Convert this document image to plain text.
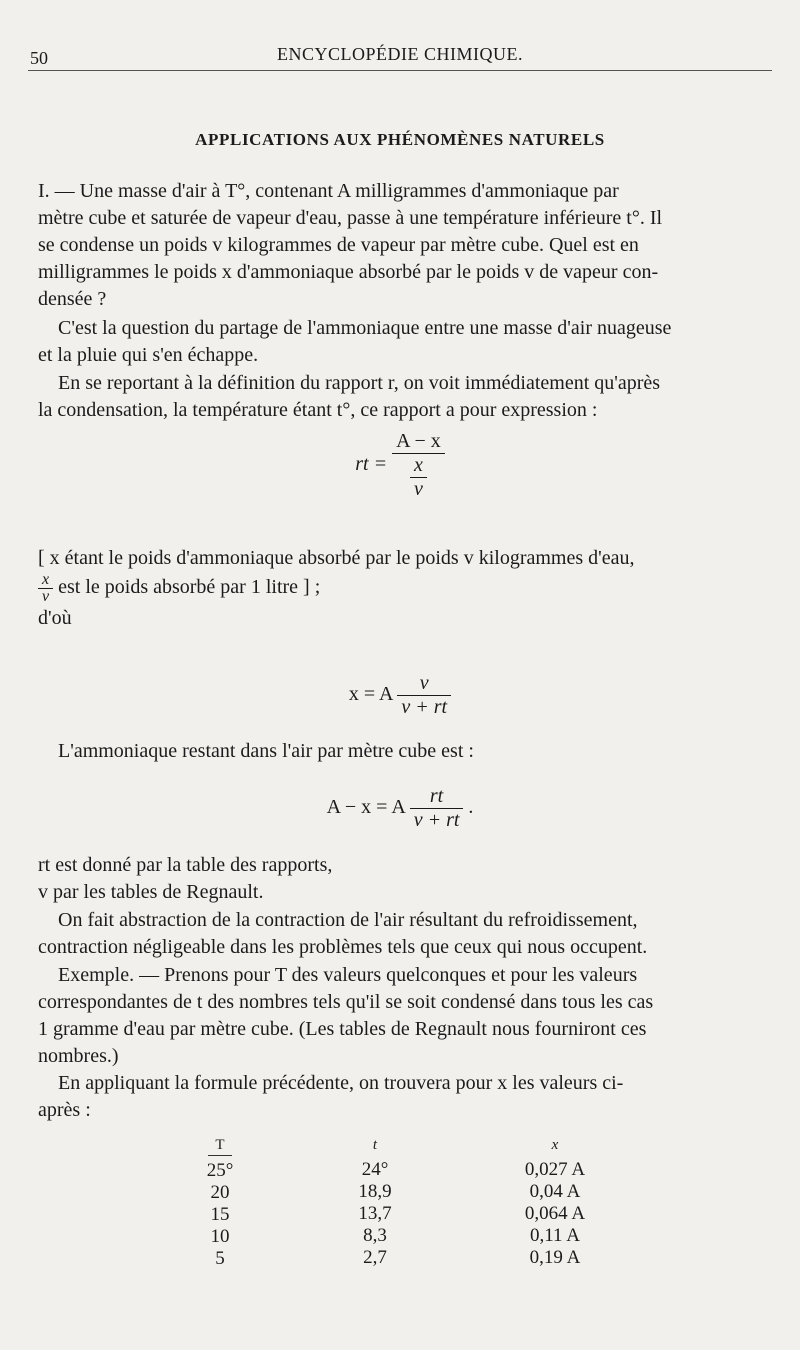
50	ENCYCLOPÉDIE CHIMIQUE.
APPLICATIONS AUX PHÉNOMÈNES NATURELS
I. — Une masse d'air à T°, contenant A milligrammes d'ammoniaque par
mètre cube et saturée de vapeur d'eau, passe à une température inférieure t°. Il
se condense un poids v kilogrammes de vapeur par mètre cube. Quel est en
milligrammes le poids x d'ammoniaque absorbé par le poids v de vapeur con-
densée ?
C'est la question du partage de l'ammoniaque entre une masse d'air nuageuse
et la pluie qui s'en échappe.
En se reportant à la définition du rapport r, on voit immédiatement qu'après
la condensation, la température étant t°, ce rapport a pour expression :
rt = $\frac{A - x}{\frac{x}{v}}$
[ x étant le poids d'ammoniaque absorbé par le poids v kilogrammes d'eau,
$\frac{x}{v}$ est le poids absorbé par 1 litre ] ;
d'où
x = A $\frac{v}{v + rt}$
L'ammoniaque restant dans l'air par mètre cube est :
A − x = A $\frac{rt}{v + rt}$ .
rt est donné par la table des rapports,
v par les tables de Regnault.
On fait abstraction de la contraction de l'air résultant du refroidissement,
contraction négligeable dans les problèmes tels que ceux qui nous occupent.
Exemple. — Prenons pour T des valeurs quelconques et pour les valeurs
correspondantes de t des nombres tels qu'il se soit condensé dans tous les cas
1 gramme d'eau par mètre cube. (Les tables de Regnault nous fourniront ces
nombres.)
En appliquant la formule précédente, on trouvera pour x les valeurs ci-
après :
T
25°
20
15
10
5
t
24°
18,9
13,7
8,3
2,7
x
0,027 A
0,04 A
0,064 A
0,11 A
0,19 A
